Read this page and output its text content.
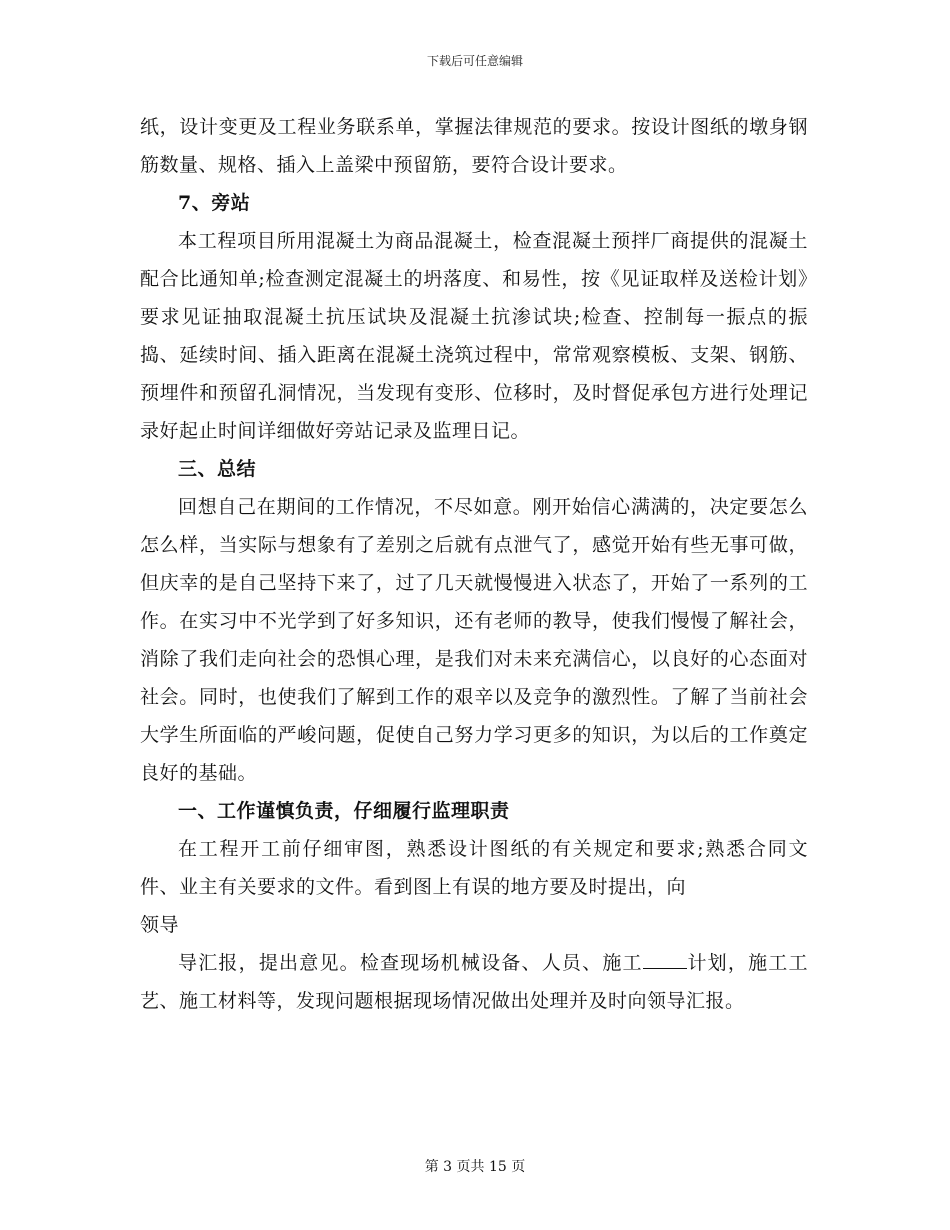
下载后可任意编辑

纸，设计变更及工程业务联系单，掌握法律规范的要求。按设计图纸的墩身钢筋数量、规格、插入上盖梁中预留筋，要符合设计要求。

7、旁站

本工程项目所用混凝土为商品混凝土，检查混凝土预拌厂商提供的混凝土配合比通知单;检查测定混凝土的坍落度、和易性，按《见证取样及送检计划》要求见证抽取混凝土抗压试块及混凝土抗渗试块;检查、控制每一振点的振捣、延续时间、插入距离在混凝土浇筑过程中，常常观察模板、支架、钢筋、预埋件和预留孔洞情况，当发现有变形、位移时，及时督促承包方进行处理记录好起止时间详细做好旁站记录及监理日记。

三、总结

回想自己在期间的工作情况，不尽如意。刚开始信心满满的，决定要怎么怎么样，当实际与想象有了差别之后就有点泄气了，感觉开始有些无事可做，但庆幸的是自己坚持下来了，过了几天就慢慢进入状态了，开始了一系列的工作。在实习中不光学到了好多知识，还有老师的教导，使我们慢慢了解社会，消除了我们走向社会的恐惧心理，是我们对未来充满信心，以良好的心态面对社会。同时，也使我们了解到工作的艰辛以及竞争的激烈性。了解了当前社会大学生所面临的严峻问题，促使自己努力学习更多的知识，为以后的工作奠定良好的基础。

一、工作谨慎负责，仔细履行监理职责

在工程开工前仔细审图，熟悉设计图纸的有关规定和要求;熟悉合同文件、业主有关要求的文件。看到图上有误的地方要及时提出，向

领导

导汇报，提出意见。检查现场机械设备、人员、施工 计划，施工工艺、施工材料等，发现问题根据现场情况做出处理并及时向领导汇报。

第 3 页共 15 页
